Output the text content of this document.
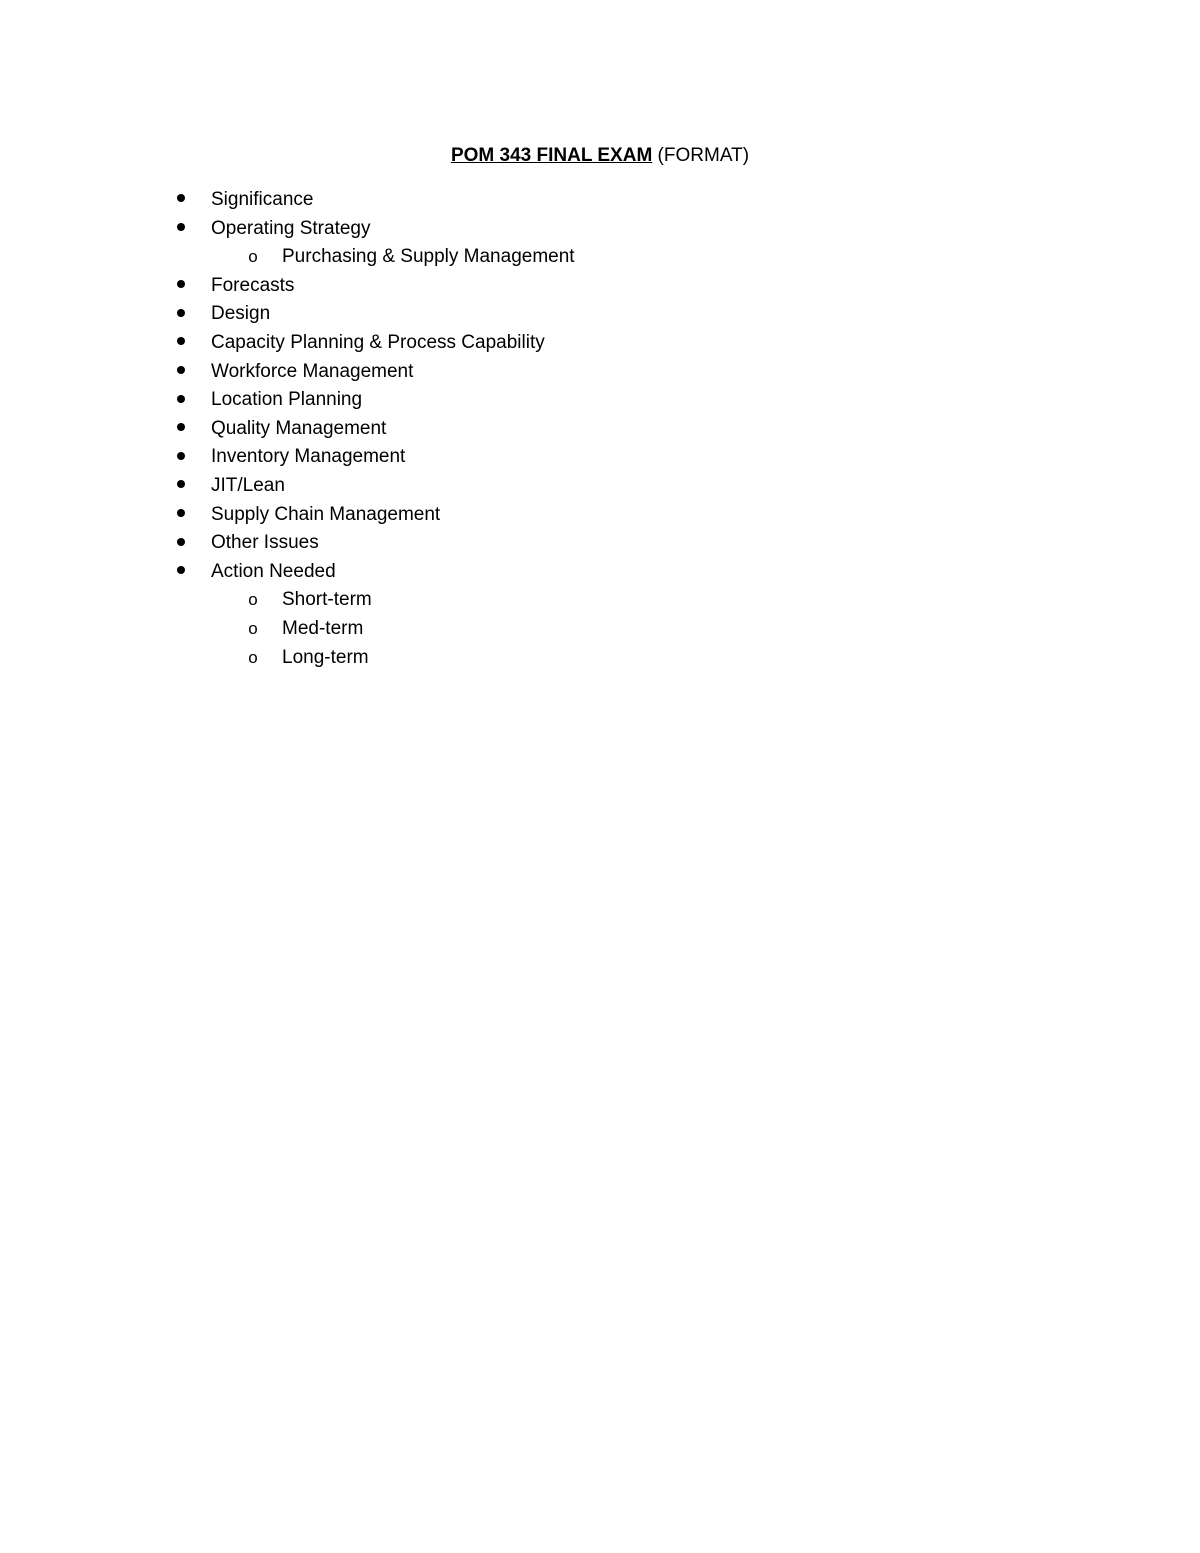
POM 343 FINAL EXAM (FORMAT)
Significance
Operating Strategy
o Purchasing & Supply Management
Forecasts
Design
Capacity Planning & Process Capability
Workforce Management
Location Planning
Quality Management
Inventory Management
JIT/Lean
Supply Chain Management
Other Issues
Action Needed
o Short-term
o Med-term
o Long-term
